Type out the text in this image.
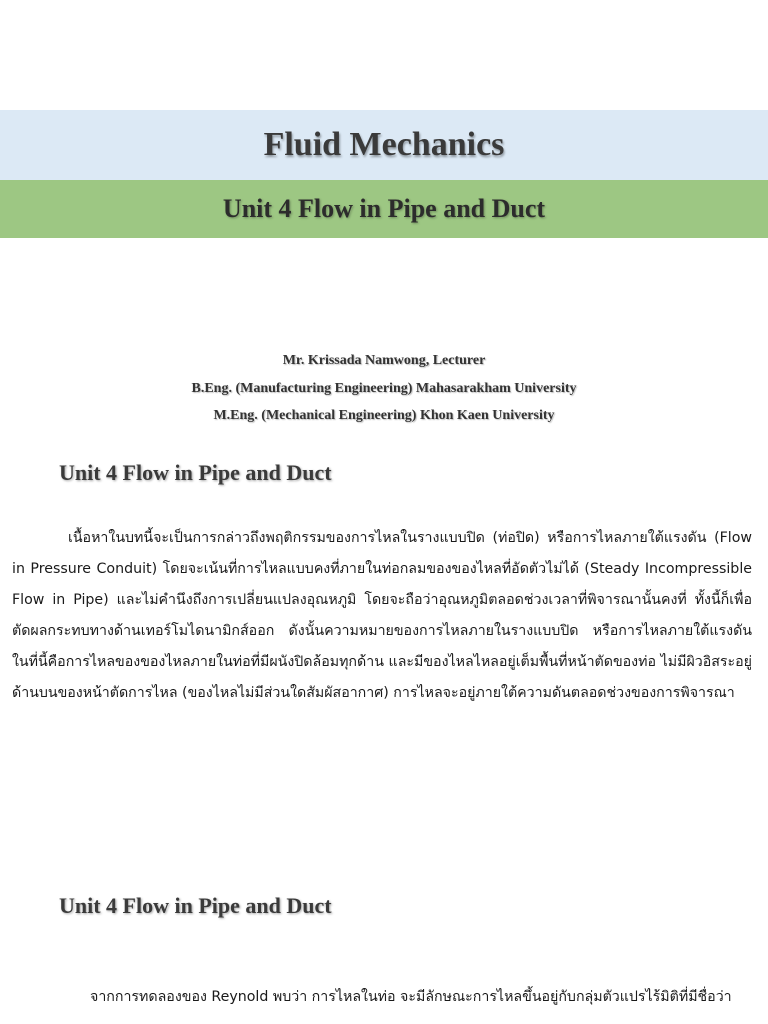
Fluid Mechanics
Unit 4 Flow in Pipe and Duct
Mr. Krissada Namwong, Lecturer
B.Eng. (Manufacturing Engineering) Mahasarakham University
M.Eng. (Mechanical Engineering) Khon Kaen University
Unit 4 Flow in Pipe and Duct

เนื้อหาในบทนี้จะเป็นการกล่าวถึงพฤติกรรมของการไหลในรางแบบปิด (ท่อปิด) หรือการไหลภายใต้แรงดัน (Flow in Pressure Conduit) โดยจะเน้นที่การไหลแบบคงที่ภายในท่อกลมของของไหลที่อัดตัวไม่ได้ (Steady Incompressible Flow in Pipe) และไม่คำนึงถึงการเปลี่ยนแปลงอุณหภูมิ โดยจะถือว่าอุณหภูมิตลอดช่วงเวลาที่พิจารณานั้นคงที่ ทั้งนี้ก็เพื่อตัดผลกระทบทางด้านเทอร์โมไดนามิกส์ออก ดังนั้นความหมายของการไหลภายในรางแบบปิด หรือการไหลภายใต้แรงดัน ในที่นี้คือการไหลของของไหลภายในท่อที่มีผนังปิดล้อมทุกด้าน และมีของไหลไหลอยู่เต็มพื้นที่หน้าตัดของท่อ ไม่มีผิวอิสระอยู่ด้านบนของหน้าตัดการไหล (ของไหลไม่มีส่วนใดสัมผัสอากาศ) การไหลจะอยู่ภายใต้ความดันตลอดช่วงของการพิจารณา

Unit 4 Flow in Pipe and Duct

จากการทดลองของ Reynold พบว่า การไหลในท่อ จะมีลักษณะการไหลขึ้นอยู่กับกลุ่มตัวแปรไร้มิติที่มีชื่อว่า
